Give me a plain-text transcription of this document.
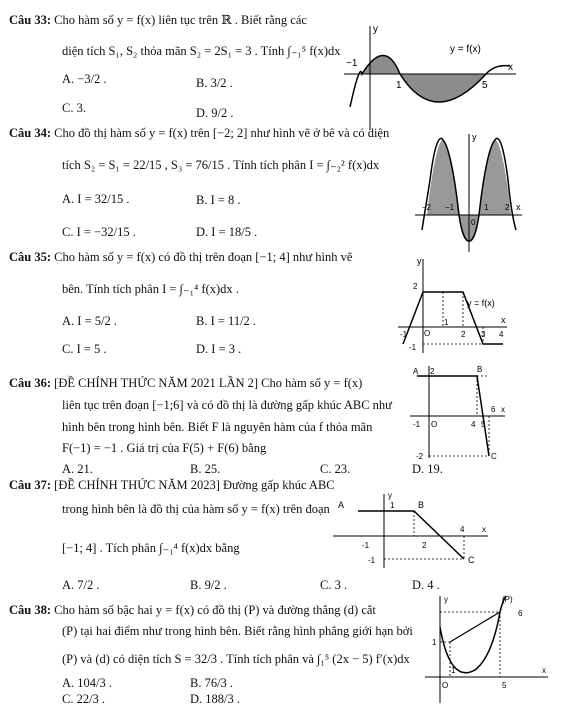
Câu 33: Cho hàm số y = f(x) liên tục trên ℝ . Biết rằng các
diện tích S₁, S₂ thỏa mãn S₂ = 2S₁ = 3 . Tính ∫₋₁⁵ f(x)dx
A. −3/2 .	B. 3/2 .
C. 3.	D. 9/2 .
y
x
y = f(x)
−1
1	5
Câu 34: Cho đồ thị hàm số y = f(x) trên [−2; 2] như hình vẽ ở bê và có diện
tích S₂ = S₁ = 22/15 , S₃ = 76/15 . Tính tích phân I = ∫₋₂² f(x)dx
A. I = 32/15 .	B. I = 8 .
C. I = −32/15 .	D. I = 18/5 .
y
x
−2 −1
0
1 2
Câu 35: Cho hàm số y = f(x) có đồ thị trên đoạn [−1; 4] như hình vẽ
bên. Tính tích phân I = ∫₋₁⁴ f(x)dx .
A. I = 5/2 .	B. I = 11/2 .
C. I = 5 .	D. I = 3 .
y
x
y = f(x)
2
-1 O
1
2 3 4
-1
Câu 36: [ĐỀ CHÍNH THỨC NĂM 2021 LẦN 2] Cho hàm số y = f(x)
liên tục trên đoạn [−1;6] và có đồ thị là đường gấp khúc ABC như
hình bên trong hình bên. Biết F là nguyên hàm của f thỏa mãn
F(−1) = −1 . Giá trị của F(5) + F(6) bằng
A. 21.	B. 25.	C. 23.	D. 19.
A 2	B
C
-2
-1 O	4 5
6 x
Câu 37: [ĐỀ CHÍNH THỨC NĂM 2023] Đường gấp khúc ABC
trong hình bên là đồ thị của hàm số y = f(x) trên đoạn
[−1; 4] . Tích phân ∫₋₁⁴ f(x)dx bằng
A. 7/2 .	B. 9/2 .	C. 3 .	D. 4 .
y
A	1	B
4 x
-1	2
C
-1
Câu 38: Cho hàm số bậc hai y = f(x) có đồ thị (P) và đường thẳng (d) cắt
(P) tại hai điểm như trong hình bên. Biết rằng hình phẳng giới hạn bởi
(P) và (d) có diện tích S = 32/3 . Tính tích phân và ∫₁⁵ (2x − 5) f′(x)dx
A. 104/3 .	B. 76/3 .
C. 22/3 .	D. 188/3 .
y	(P)
6
1
O
1
5
x
